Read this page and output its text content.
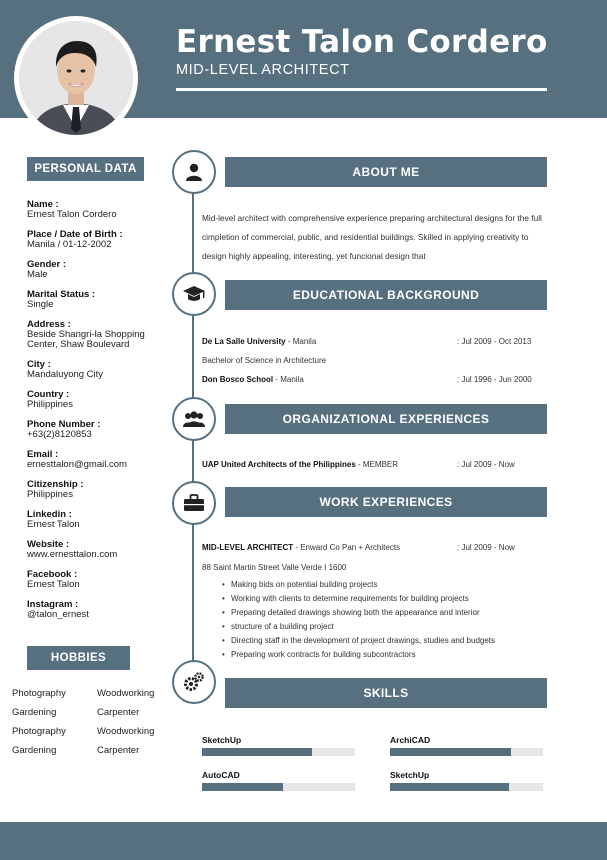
Ernest Talon Cordero
MID-LEVEL ARCHITECT
PERSONAL DATA
Name :
Ernest Talon Cordero
Place / Date of Birth :
Manila / 01-12-2002
Gender :
Male
Marital Status :
Single
Address :
Beside Shangri-la Shopping
Center, Shaw Boulevard
City :
Mandaluyong City
Country :
Philippines
Phone Number :
+63(2)8120853
Email :
ernesttalon@gmail.com
Citizenship :
Philippines
Linkedin :
Ernest Talon
Website :
www.ernesttalon.com
Facebook :
Ernest Talon
Instagram :
@talon_ernest
HOBBIES
Photography	Woodworking
Gardening	Carpenter
Photography	Woodworking
Gardening	Carpenter
ABOUT ME
Mid-level architect with comprehensive experience preparing architectural designs for the full cimpletion of commercial, public, and residential buildings. Skilled in applying creativity to design highly appealing, interesting, yet funcional design that
EDUCATIONAL BACKGROUND
De La Salle University - Manila	: Jul 2009 - Oct 2013
Bachelor of Science in Architecture
Don Bosco School - Manila	: Jul 1996 - Jun 2000
ORGANIZATIONAL EXPERIENCES
UAP United Architects of the Philippines - MEMBER	: Jul 2009 - Now
WORK EXPERIENCES
MID-LEVEL ARCHITECT - Enward Co Pan + Architects	: Jul 2009 - Now
88 Saint Martin Street Valle Verde I 1600
• Making bids on potential building projects
• Working with clients to determine requirements for building projects
• Preparing detailed drawings showing both the appearance and interior
• structure of a building project
• Directing staff in the development of project drawings, studies and budgets
• Preparing work contracts for building subcontractors
SKILLS
SketchUp	ArchiCAD
AutoCAD	SketchUp
